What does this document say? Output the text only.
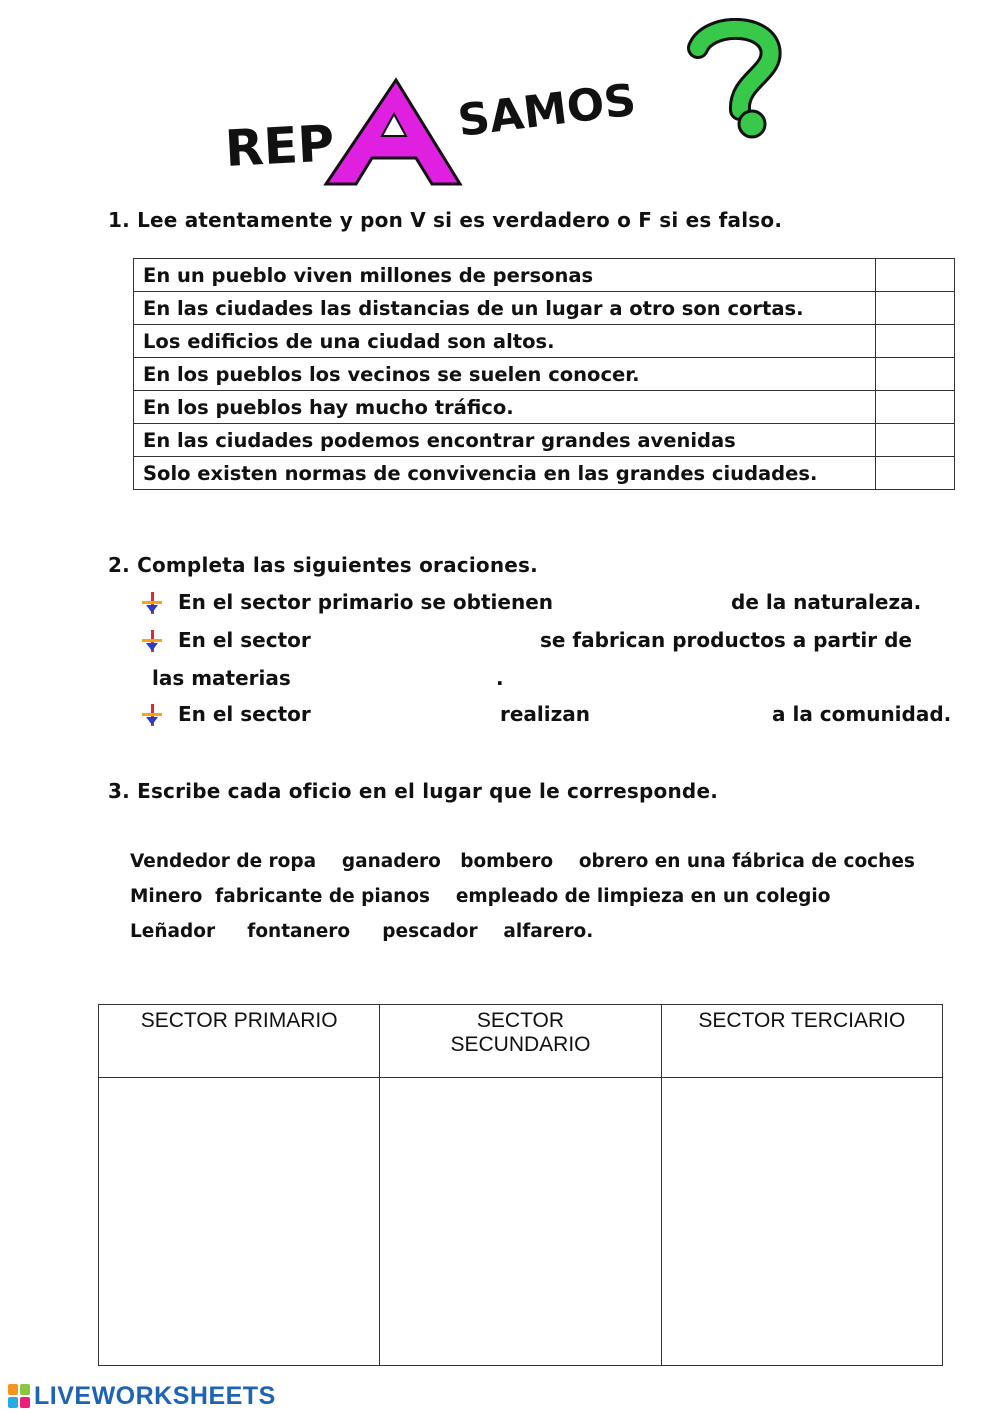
REP	SAMOS
1. Lee atentamente y pon V si es verdadero o F si es falso.
En un pueblo viven millones de personas	
En las ciudades las distancias de un lugar a otro son cortas.	
Los edificios de una ciudad son altos.	
En los pueblos los vecinos se suelen conocer.	
En los pueblos hay mucho tráfico.	
En las ciudades podemos encontrar grandes avenidas	
Solo existen normas de convivencia en las grandes ciudades.	
2. Completa las siguientes oraciones.
En el sector primario se obtienen	de la naturaleza.
En el sector	se fabrican productos a partir de
las materias	.
En el sector	realizan	a la comunidad.
3. Escribe cada oficio en el lugar que le corresponde.
Vendedor de ropa    ganadero   bombero    obrero en una fábrica de coches
Minero  fabricante de pianos    empleado de limpieza en un colegio
Leñador     fontanero     pescador    alfarero.
SECTOR PRIMARIO	SECTOR SECUNDARIO	SECTOR TERCIARIO

LIVEWORKSHEETS
